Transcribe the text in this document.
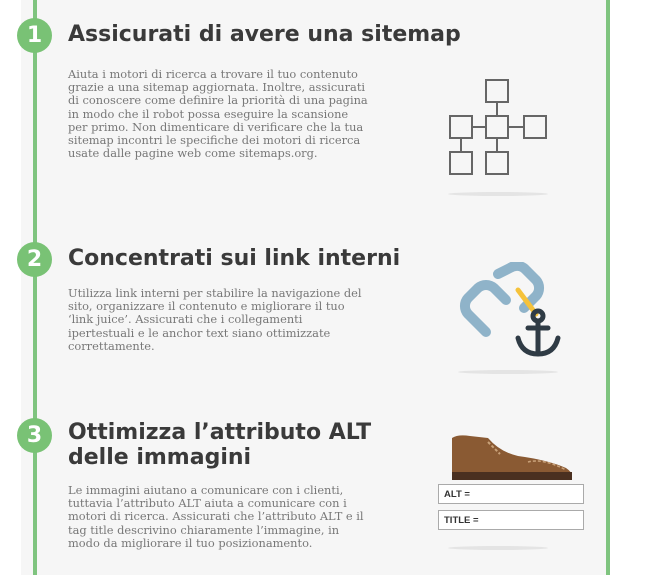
1	Assicurati di avere una sitemap
Aiuta i motori di ricerca a trovare il tuo contenuto grazie a una sitemap aggiornata. Inoltre, assicurati di conoscere come definire la priorità di una pagina in modo che il robot possa eseguire la scansione per primo. Non dimenticare di verificare che la tua sitemap incontri le specifiche dei motori di ricerca usate dalle pagine web come sitemaps.org.
2	Concentrati sui link interni
Utilizza link interni per stabilire la navigazione del sito, organizzare il contenuto e migliorare il tuo ‘link juice’. Assicurati che i collegamenti ipertestuali e le anchor text siano ottimizzate correttamente.
3	Ottimizza l’attributo ALT
delle immagini
Le immagini aiutano a comunicare con i clienti, tuttavia l’attributo ALT aiuta a comunicare con i motori di ricerca. Assicurati che l’attributo ALT e il tag title descrivino chiaramente l’immagine, in modo da migliorare il tuo posizionamento.
ALT =
TITLE =
